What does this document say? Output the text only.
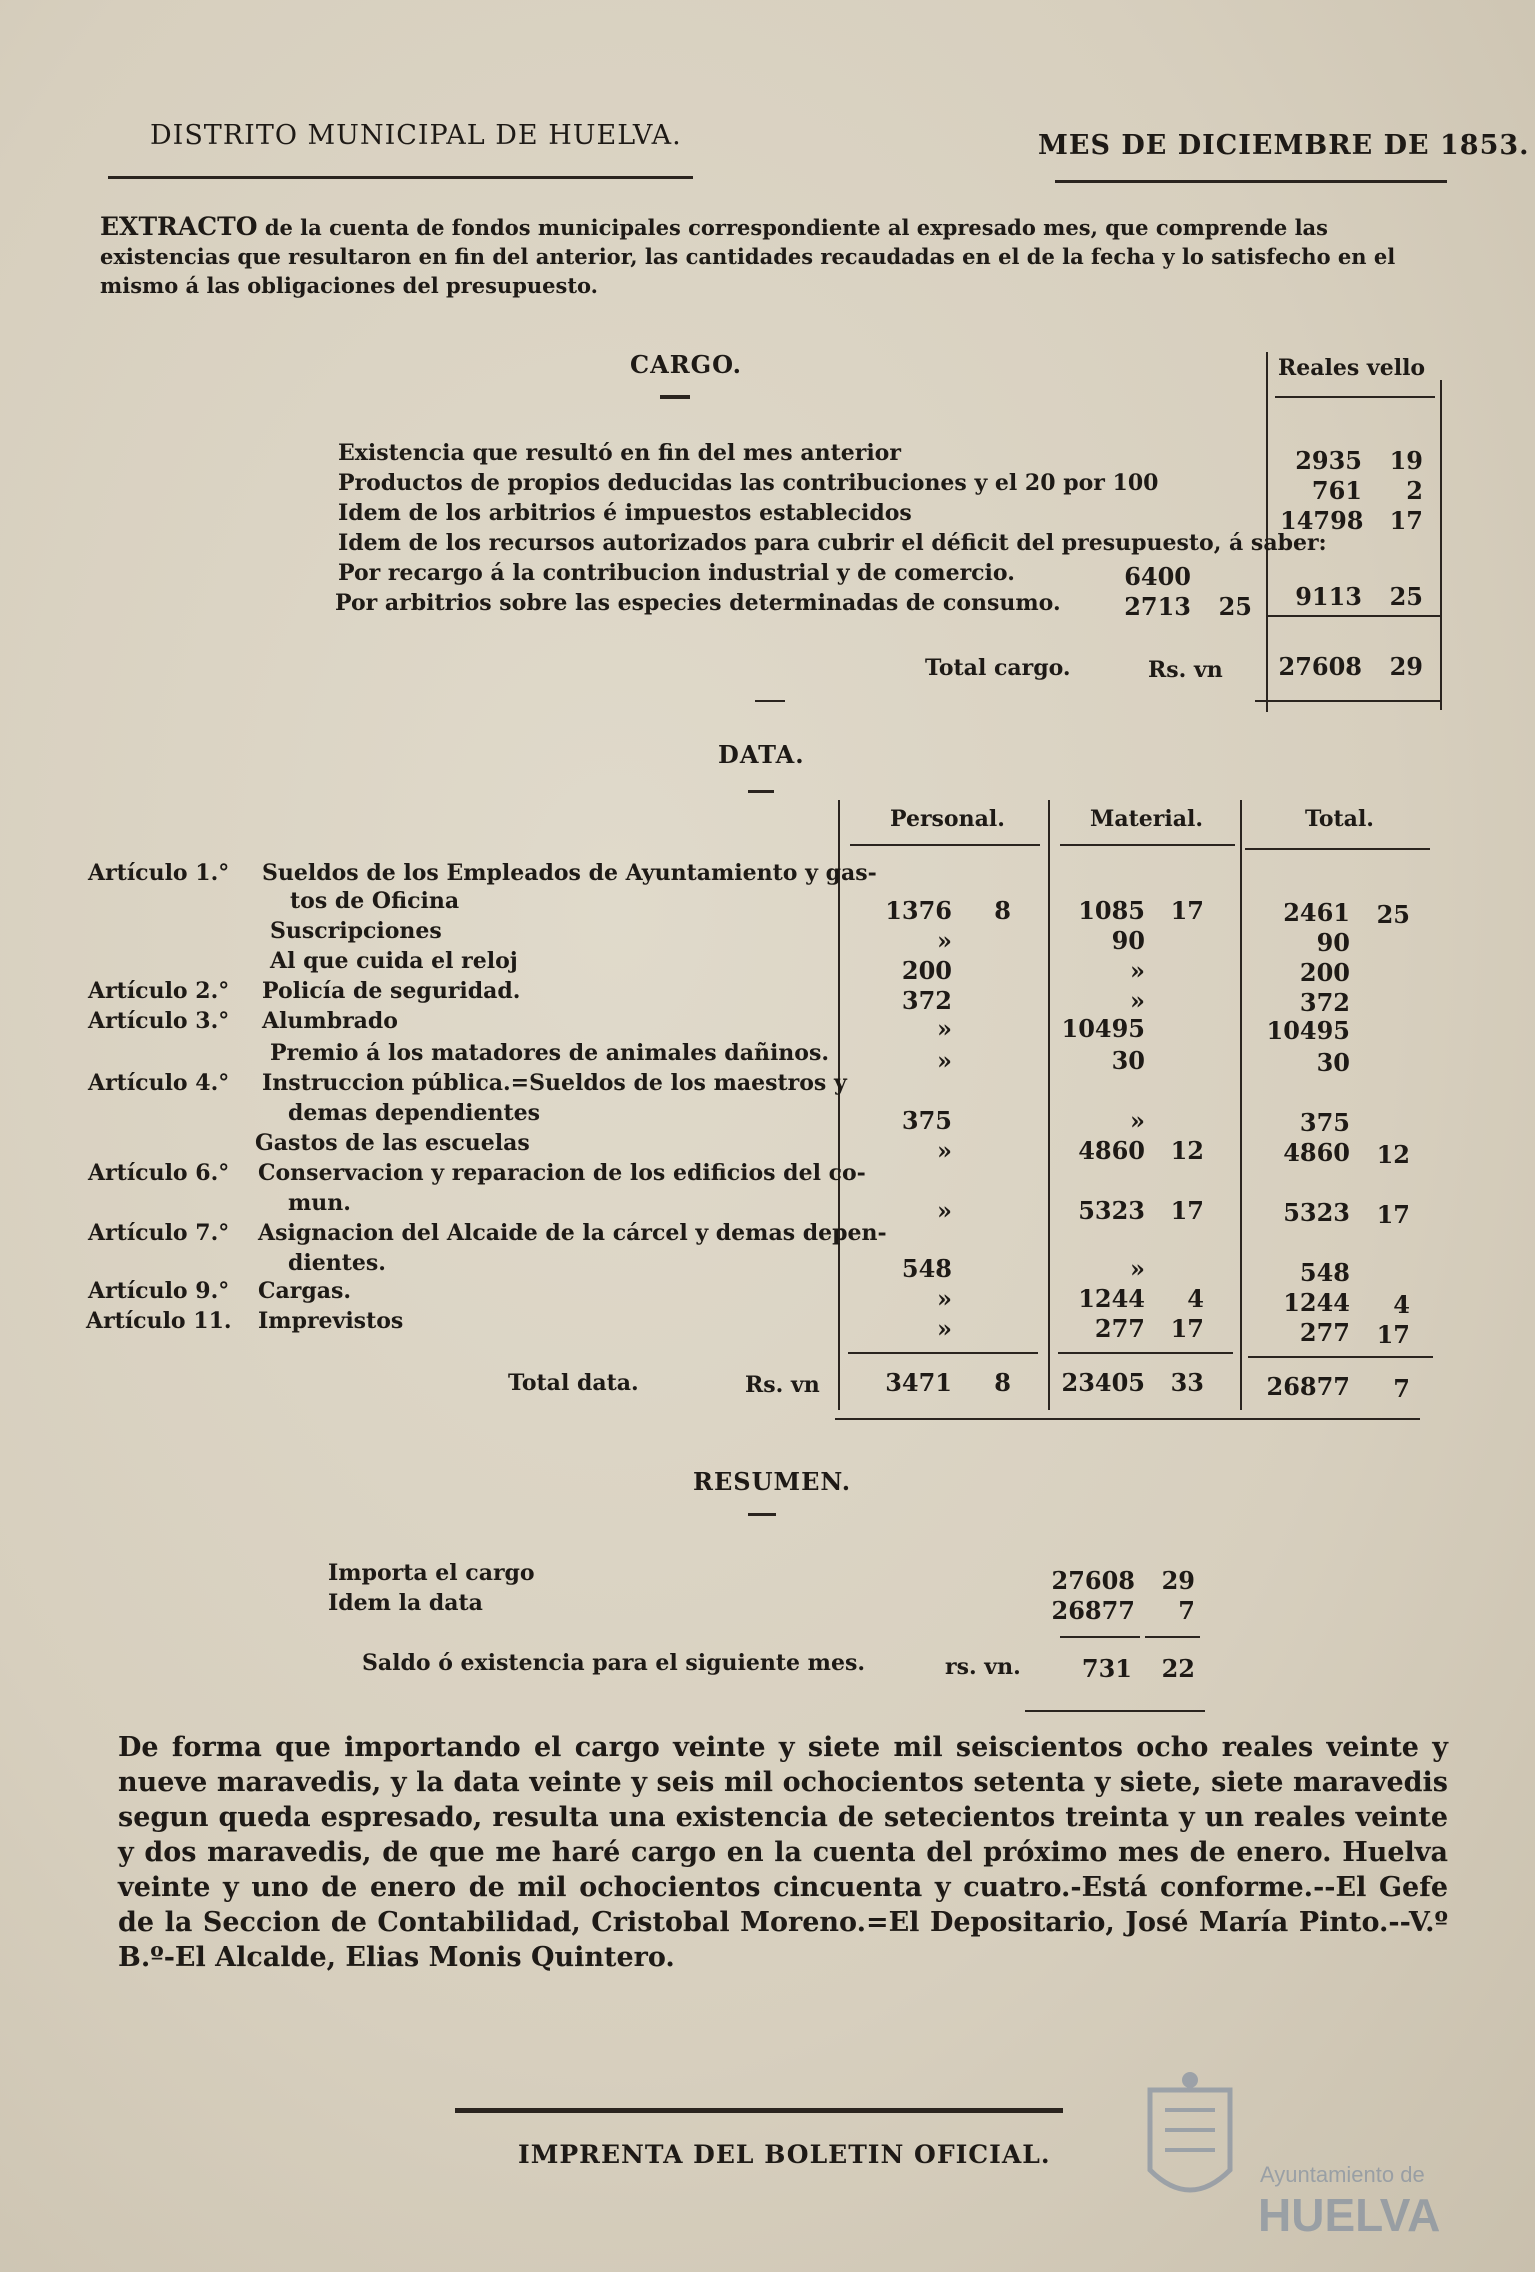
DISTRITO MUNICIPAL DE HUELVA.	MES DE DICIEMBRE DE 1853.
EXTRACTO de la cuenta de fondos municipales correspondiente al expresado mes, que comprende las existencias que resultaron en fin del anterior, las cantidades recaudadas en el de la fecha y lo satisfecho en el mismo á las obligaciones del presupuesto.
CARGO.	Reales vello
Existencia que resultó en fin del mes anterior	2935	19
Productos de propios deducidas las contribuciones y el 20 por 100	761	2
Idem de los arbitrios é impuestos establecidos	14798	17
Idem de los recursos autorizados para cubrir el déficit del presupuesto, á saber:
Por recargo á la contribucion industrial y de comercio.	6400
Por arbitrios sobre las especies determinadas de consumo.	2713	25	9113	25
Total cargo.	Rs. vn 27608	29
DATA.
Personal.	Material.	Total.
Artículo 1.° Sueldos de los Empleados de Ayuntamiento y gas-
tos de Oficina	1376	8	1085	17	2461	25
Suscripciones	»	90	90
Al que cuida el reloj	200	»	200
Artículo 2.° Policía de seguridad.	372	»	372
Artículo 3.° Alumbrado	»	10495	10495
Premio á los matadores de animales dañinos.	»	30	30
Artículo 4.° Instruccion pública.=Sueldos de los maestros y
demas dependientes	375	»	375
Gastos de las escuelas	»	4860	12	4860	12
Artículo 6.° Conservacion y reparacion de los edificios del co-
mun.	»	5323	17	5323	17
Artículo 7.° Asignacion del Alcaide de la cárcel y demas depen-
dientes.	548	»	548
Artículo 9.° Cargas.	»	1244	4	1244	4
Artículo 11. Imprevistos	»	277	17	277	17
Total data.	Rs. vn	3471	8	23405	33	26877	7
RESUMEN.
Importa el cargo	27608	29
Idem la data	26877	7
Saldo ó existencia para el siguiente mes.	rs. vn.	731	22
De forma que importando el cargo veinte y siete mil seiscientos ocho reales veinte y nueve maravedis, y la data veinte y seis mil ochocientos setenta y siete, siete maravedis segun queda espresado, resulta una existencia de setecientos treinta y un reales veinte y dos maravedis, de que me haré cargo en la cuenta del próximo mes de enero. Huelva veinte y uno de enero de mil ochocientos cincuenta y cuatro.-Está conforme.--El Gefe de la Seccion de Contabilidad, Cristobal Moreno.=El Depositario, José María Pinto.--V.º B.º-El Alcalde, Elias Monis Quintero.
IMPRENTA DEL BOLETIN OFICIAL.
Ayuntamiento de
HUELVA
